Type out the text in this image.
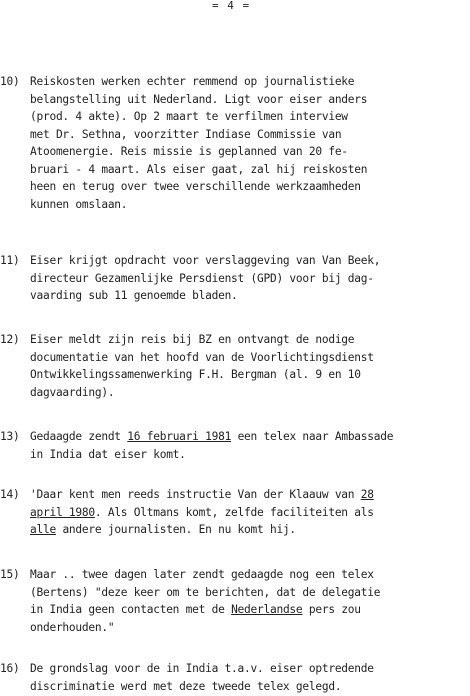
= 4 =
10) Reiskosten werken echter remmend op journalistieke
belangstelling uit Nederland. Ligt voor eiser anders
(prod. 4 akte). Op 2 maart te verfilmen interview
met Dr. Sethna, voorzitter Indiase Commissie van
Atoomenergie. Reis missie is geplanned van 20 fe-
bruari - 4 maart. Als eiser gaat, zal hij reiskosten
heen en terug over twee verschillende werkzaamheden
kunnen omslaan.
11) Eiser krijgt opdracht voor verslaggeving van Van Beek,
directeur Gezamenlijke Persdienst (GPD) voor bij dag-
vaarding sub 11 genoemde bladen.
12) Eiser meldt zijn reis bij BZ en ontvangt de nodige
documentatie van het hoofd van de Voorlichtingsdienst
Ontwikkelingssamenwerking F.H. Bergman (al. 9 en 10
dagvaarding).
13) Gedaagde zendt 16 februari 1981 een telex naar Ambassade
in India dat eiser komt.
14) 'Daar kent men reeds instructie Van der Klaauw van 28
april 1980. Als Oltmans komt, zelfde faciliteiten als
alle andere journalisten. En nu komt hij.
15) Maar .. twee dagen later zendt gedaagde nog een telex
(Bertens) "deze keer om te berichten, dat de delegatie
in India geen contacten met de Nederlandse pers zou
onderhouden."
16) De grondslag voor de in India t.a.v. eiser optredende
discriminatie werd met deze tweede telex gelegd.
